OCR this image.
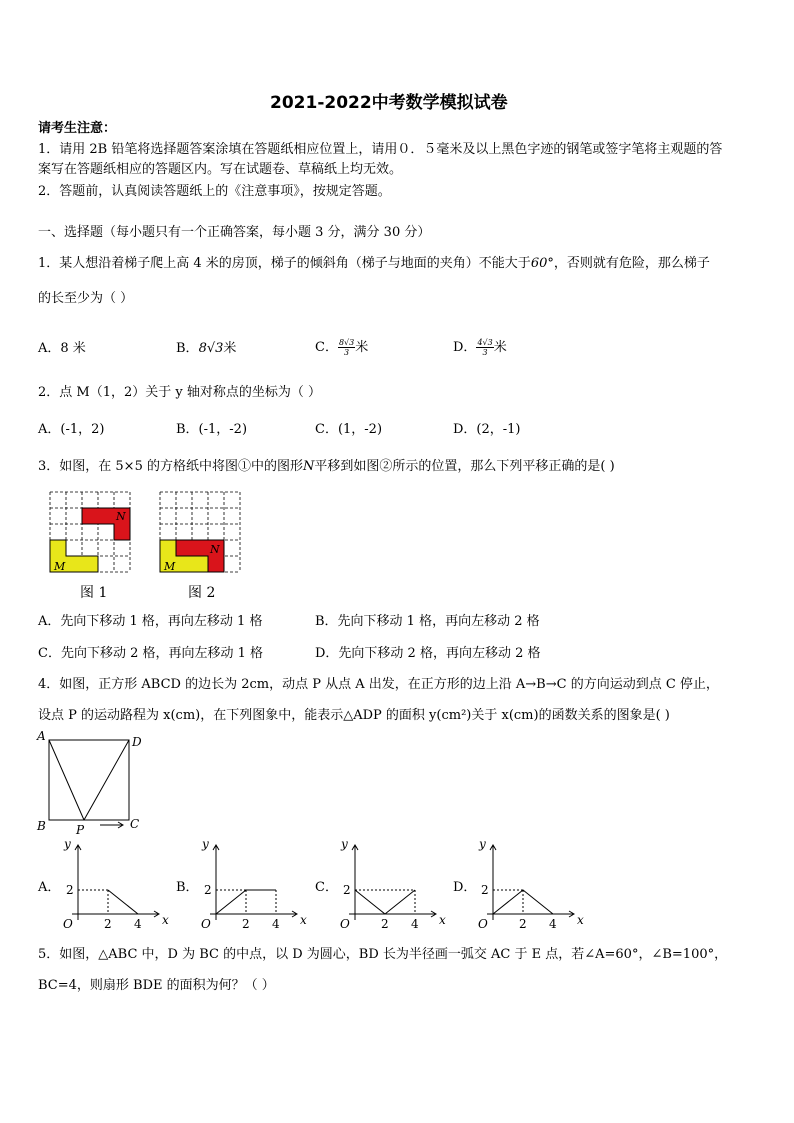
2021-2022中考数学模拟试卷
请考生注意：
1．请用 2B 铅笔将选择题答案涂填在答题纸相应位置上，请用０．５毫米及以上黑色字迹的钢笔或签字笔将主观题的答
案写在答题纸相应的答题区内。写在试题卷、草稿纸上均无效。
2．答题前，认真阅读答题纸上的《注意事项》，按规定答题。
一、选择题（每小题只有一个正确答案，每小题 3 分，满分 30 分）
1．某人想沿着梯子爬上高 4 米的房顶，梯子的倾斜角（梯子与地面的夹角）不能大于60°，否则就有危险，那么梯子
的长至少为（ ）
A．8 米	B．8√3米	C． $\frac{8√3}{3}$ 米	D． $\frac{4√3}{3}$ 米
2．点 M（1，2）关于 y 轴对称点的坐标为（ ）
A．(-1，2)	B．(-1，-2)	C．(1，-2)	D．(2，-1)
3．如图，在 5×5 的方格纸中将图①中的图形N平移到如图②所示的位置，那么下列平移正确的是( )
N
M
图 1
N
M
图 2
A．先向下移动 1 格，再向左移动 1 格	B．先向下移动 1 格，再向左移动 2 格
C．先向下移动 2 格，再向左移动 1 格	D．先向下移动 2 格，再向左移动 2 格
4．如图，正方形 ABCD 的边长为 2cm，动点 P 从点 A 出发，在正方形的边上沿 A→B→C 的方向运动到点 C 停止，
设点 P 的运动路程为 x(cm)，在下列图象中，能表示△ADP 的面积 y(cm²)关于 x(cm)的函数关系的图象是( )
A	D
B	C
P
A．
y
x
O
2
2 4
B．
y
x
O
2
2 4
C．
y
x
O
2
2 4
D．
y
x
O
2
2 4
5．如图，△ABC 中，D 为 BC 的中点，以 D 为圆心，BD 长为半径画一弧交 AC 于 E 点，若∠A=60°，∠B=100°，
BC=4，则扇形 BDE 的面积为何？（ ）
